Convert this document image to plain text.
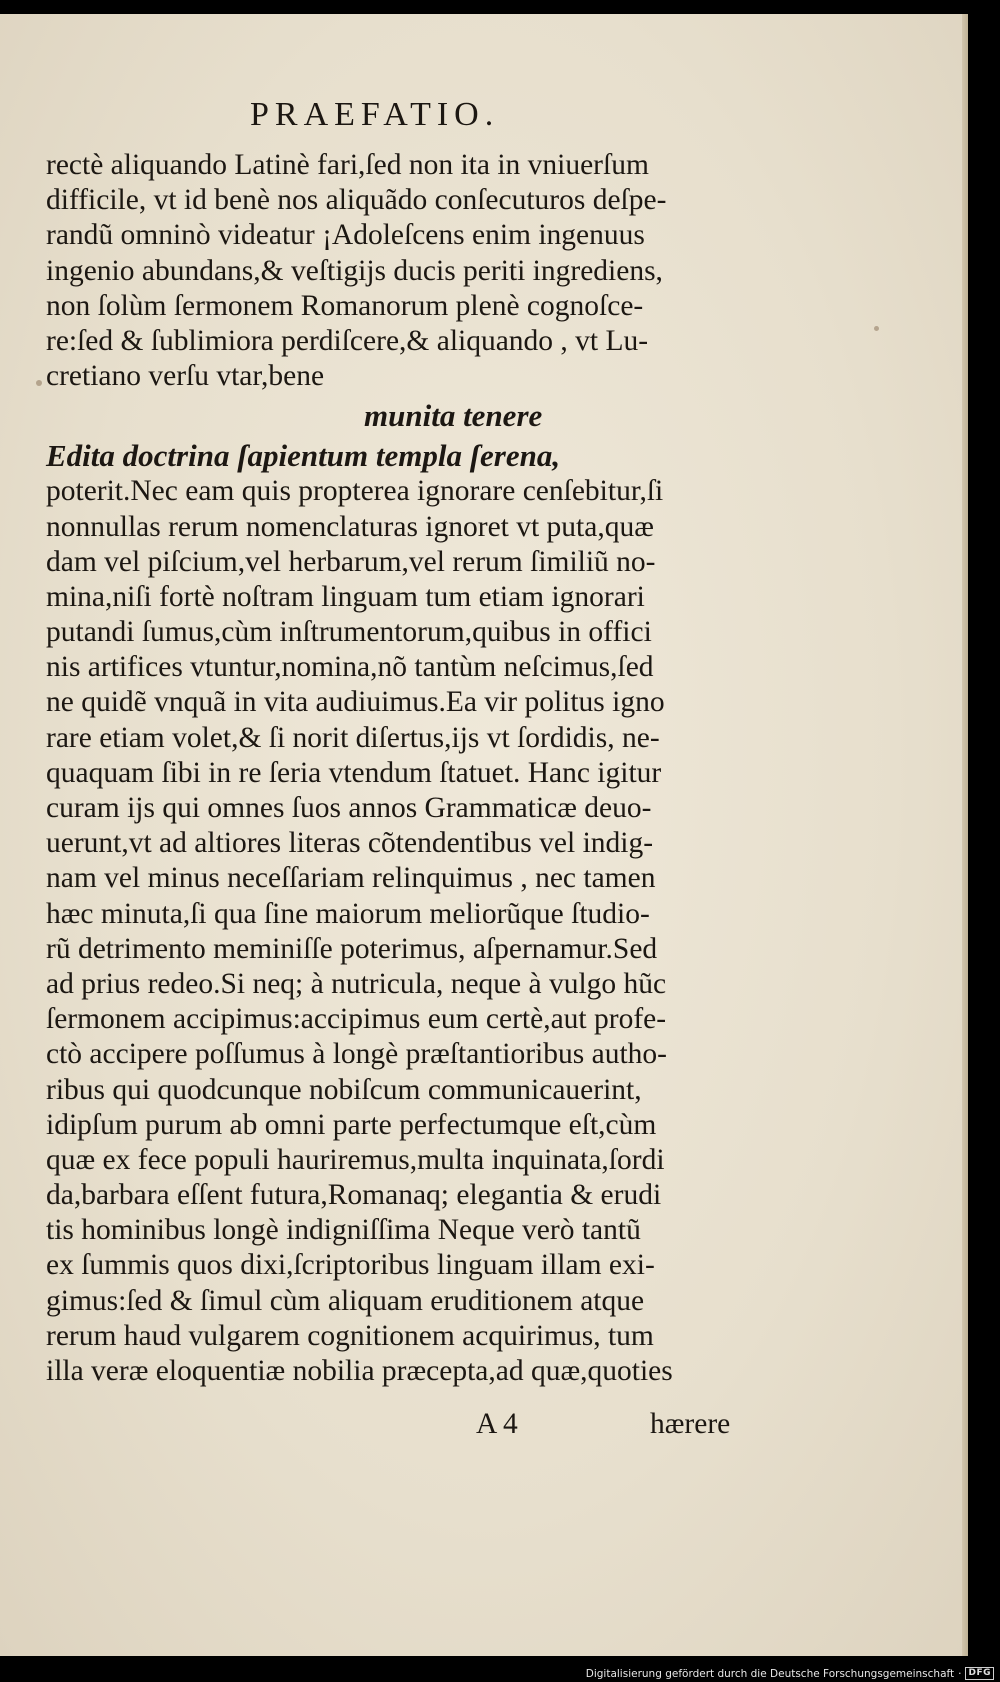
PRAEFATIO.
rectè aliquando Latinè fari,ſed non ita in vniuerſum
difficile, vt id benè nos aliquãdo conſecuturos deſpe-
randũ omninò videatur ¡Adoleſcens enim ingenuus
ingenio abundans,& veſtigijs ducis periti ingrediens,
non ſolùm ſermonem Romanorum plenè cognoſce-
re:ſed & ſublimiora perdiſcere,& aliquando , vt Lu-
cretiano verſu vtar,bene
munita tenere
Edita doctrina ſapientum templa ſerena,
poterit.Nec eam quis propterea ignorare cenſebitur,ſi
nonnullas rerum nomenclaturas ignoret vt puta,quæ
dam vel piſcium,vel herbarum,vel rerum ſimiliũ no-
mina,niſi fortè noſtram linguam tum etiam ignorari
putandi ſumus,cùm inſtrumentorum,quibus in offici
nis artifices vtuntur,nomina,nõ tantùm neſcimus,ſed
ne quidẽ vnquã in vita audiuimus.Ea vir politus igno
rare etiam volet,& ſi norit diſertus,ijs vt ſordidis, ne-
quaquam ſibi in re ſeria vtendum ſtatuet. Hanc igitur
curam ijs qui omnes ſuos annos Grammaticæ deuo-
uerunt,vt ad altiores literas cõtendentibus vel indig-
nam vel minus neceſſariam relinquimus , nec tamen
hæc minuta,ſi qua ſine maiorum meliorũque ſtudio-
rũ detrimento meminiſſe poterimus, aſpernamur.Sed
ad prius redeo.Si neq; à nutricula, neque à vulgo hũc
ſermonem accipimus:accipimus eum certè,aut profe-
ctò accipere poſſumus à longè præſtantioribus autho-
ribus qui quodcunque nobiſcum communicauerint,
idipſum purum ab omni parte perfectumque eſt,cùm
quæ ex fece populi hauriremus,multa inquinata,ſordi
da,barbara eſſent futura,Romanaq; elegantia & erudi
tis hominibus longè indigniſſima Neque verò tantũ
ex ſummis quos dixi,ſcriptoribus linguam illam exi-
gimus:ſed & ſimul cùm aliquam eruditionem atque
rerum haud vulgarem cognitionem acquirimus, tum
illa veræ eloquentiæ nobilia præcepta,ad quæ,quoties
A 4	hærere
Digitalisierung gefördert durch die Deutsche Forschungsgemeinschaft · DFG
